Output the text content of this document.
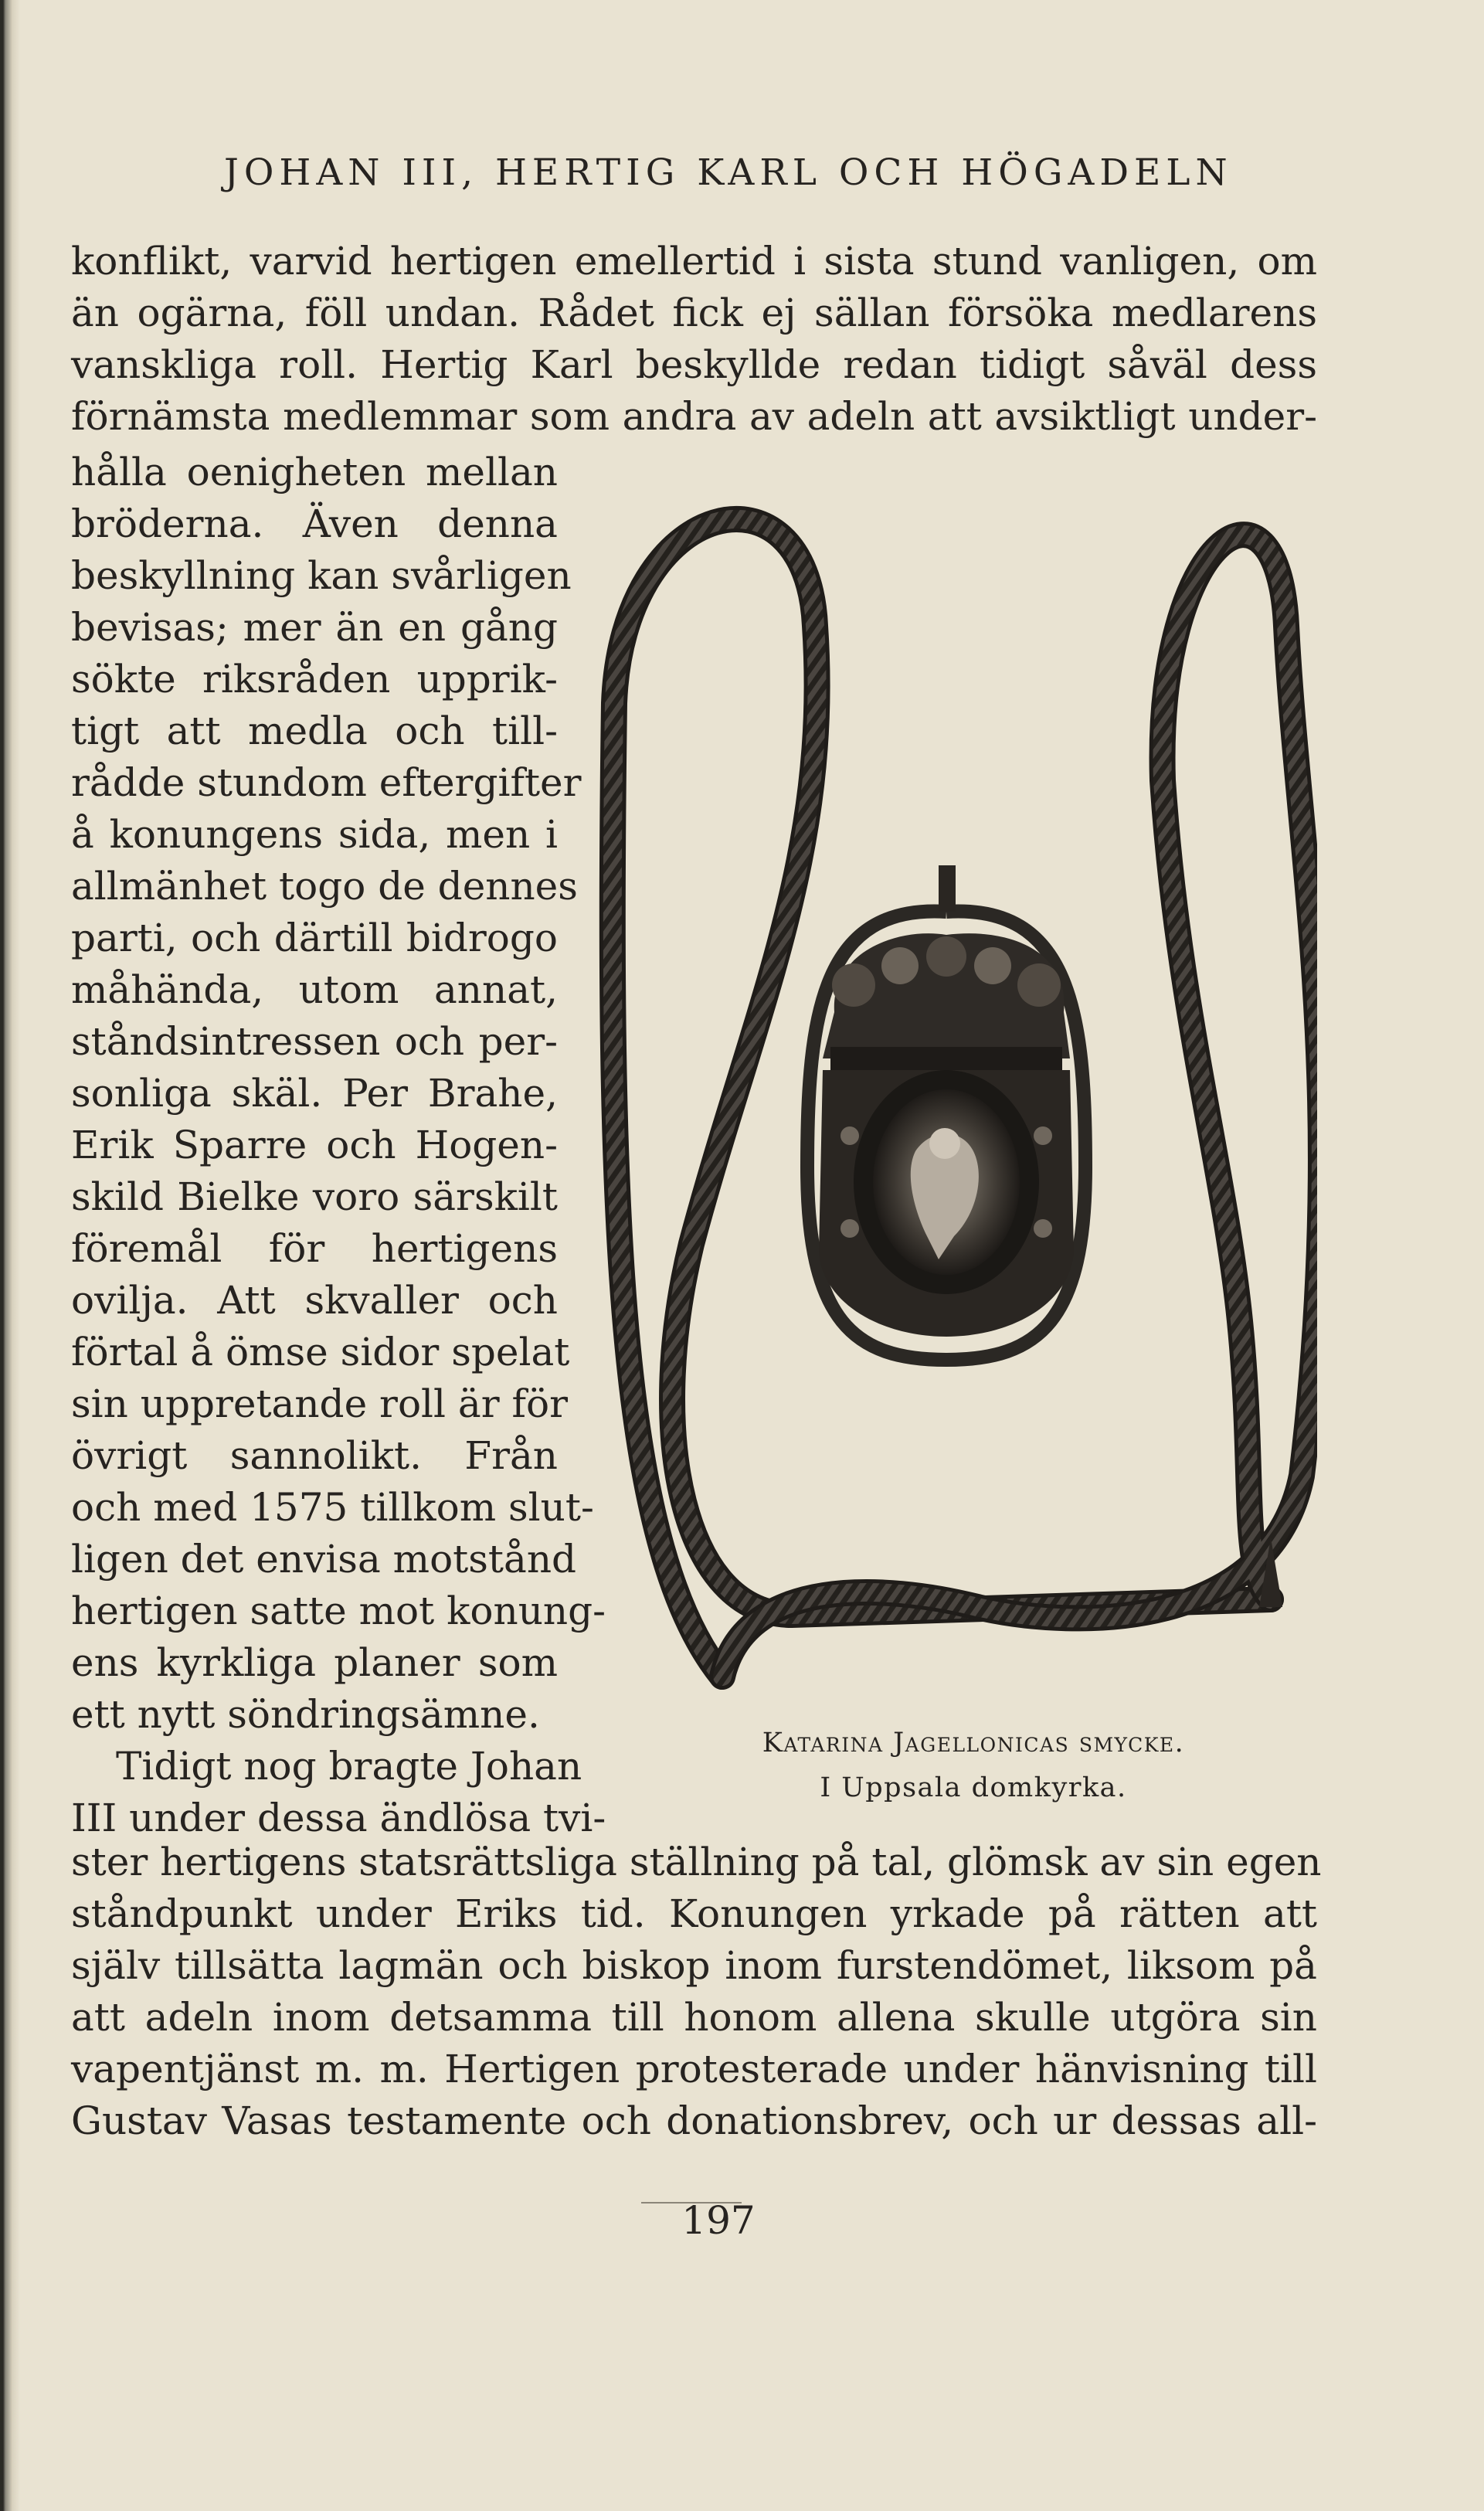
JOHAN III, HERTIG KARL OCH HÖGADELN
konflikt, varvid hertigen emellertid i sista stund vanligen, om
än ogärna, föll undan. Rådet fick ej sällan försöka medlarens
vanskliga roll. Hertig Karl beskyllde redan tidigt såväl dess
förnämsta medlemmar som andra av adeln att avsiktligt under-
hålla oenigheten mellan
bröderna. Även denna
beskyllning kan svårligen
bevisas; mer än en gång
sökte riksråden upprik-
tigt att medla och till-
rådde stundom eftergifter
å konungens sida, men i
allmänhet togo de dennes
parti, och därtill bidrogo
måhända, utom annat,
ståndsintressen och per-
sonliga skäl. Per Brahe,
Erik Sparre och Hogen-
skild Bielke voro särskilt
föremål för hertigens
ovilja. Att skvaller och
förtal å ömse sidor spelat
sin uppretande roll är för
övrigt sannolikt. Från
och med 1575 tillkom slut-
ligen det envisa motstånd
hertigen satte mot konung-
ens kyrkliga planer som
ett nytt söndringsämne.
Tidigt nog bragte Johan
III under dessa ändlösa tvi-
Katarina Jagellonicas smycke.
I Uppsala domkyrka.
ster hertigens statsrättsliga ställning på tal, glömsk av sin egen
ståndpunkt under Eriks tid. Konungen yrkade på rätten att
själv tillsätta lagmän och biskop inom furstendömet, liksom på
att adeln inom detsamma till honom allena skulle utgöra sin
vapentjänst m. m. Hertigen protesterade under hänvisning till
Gustav Vasas testamente och donationsbrev, och ur dessas all-
197
